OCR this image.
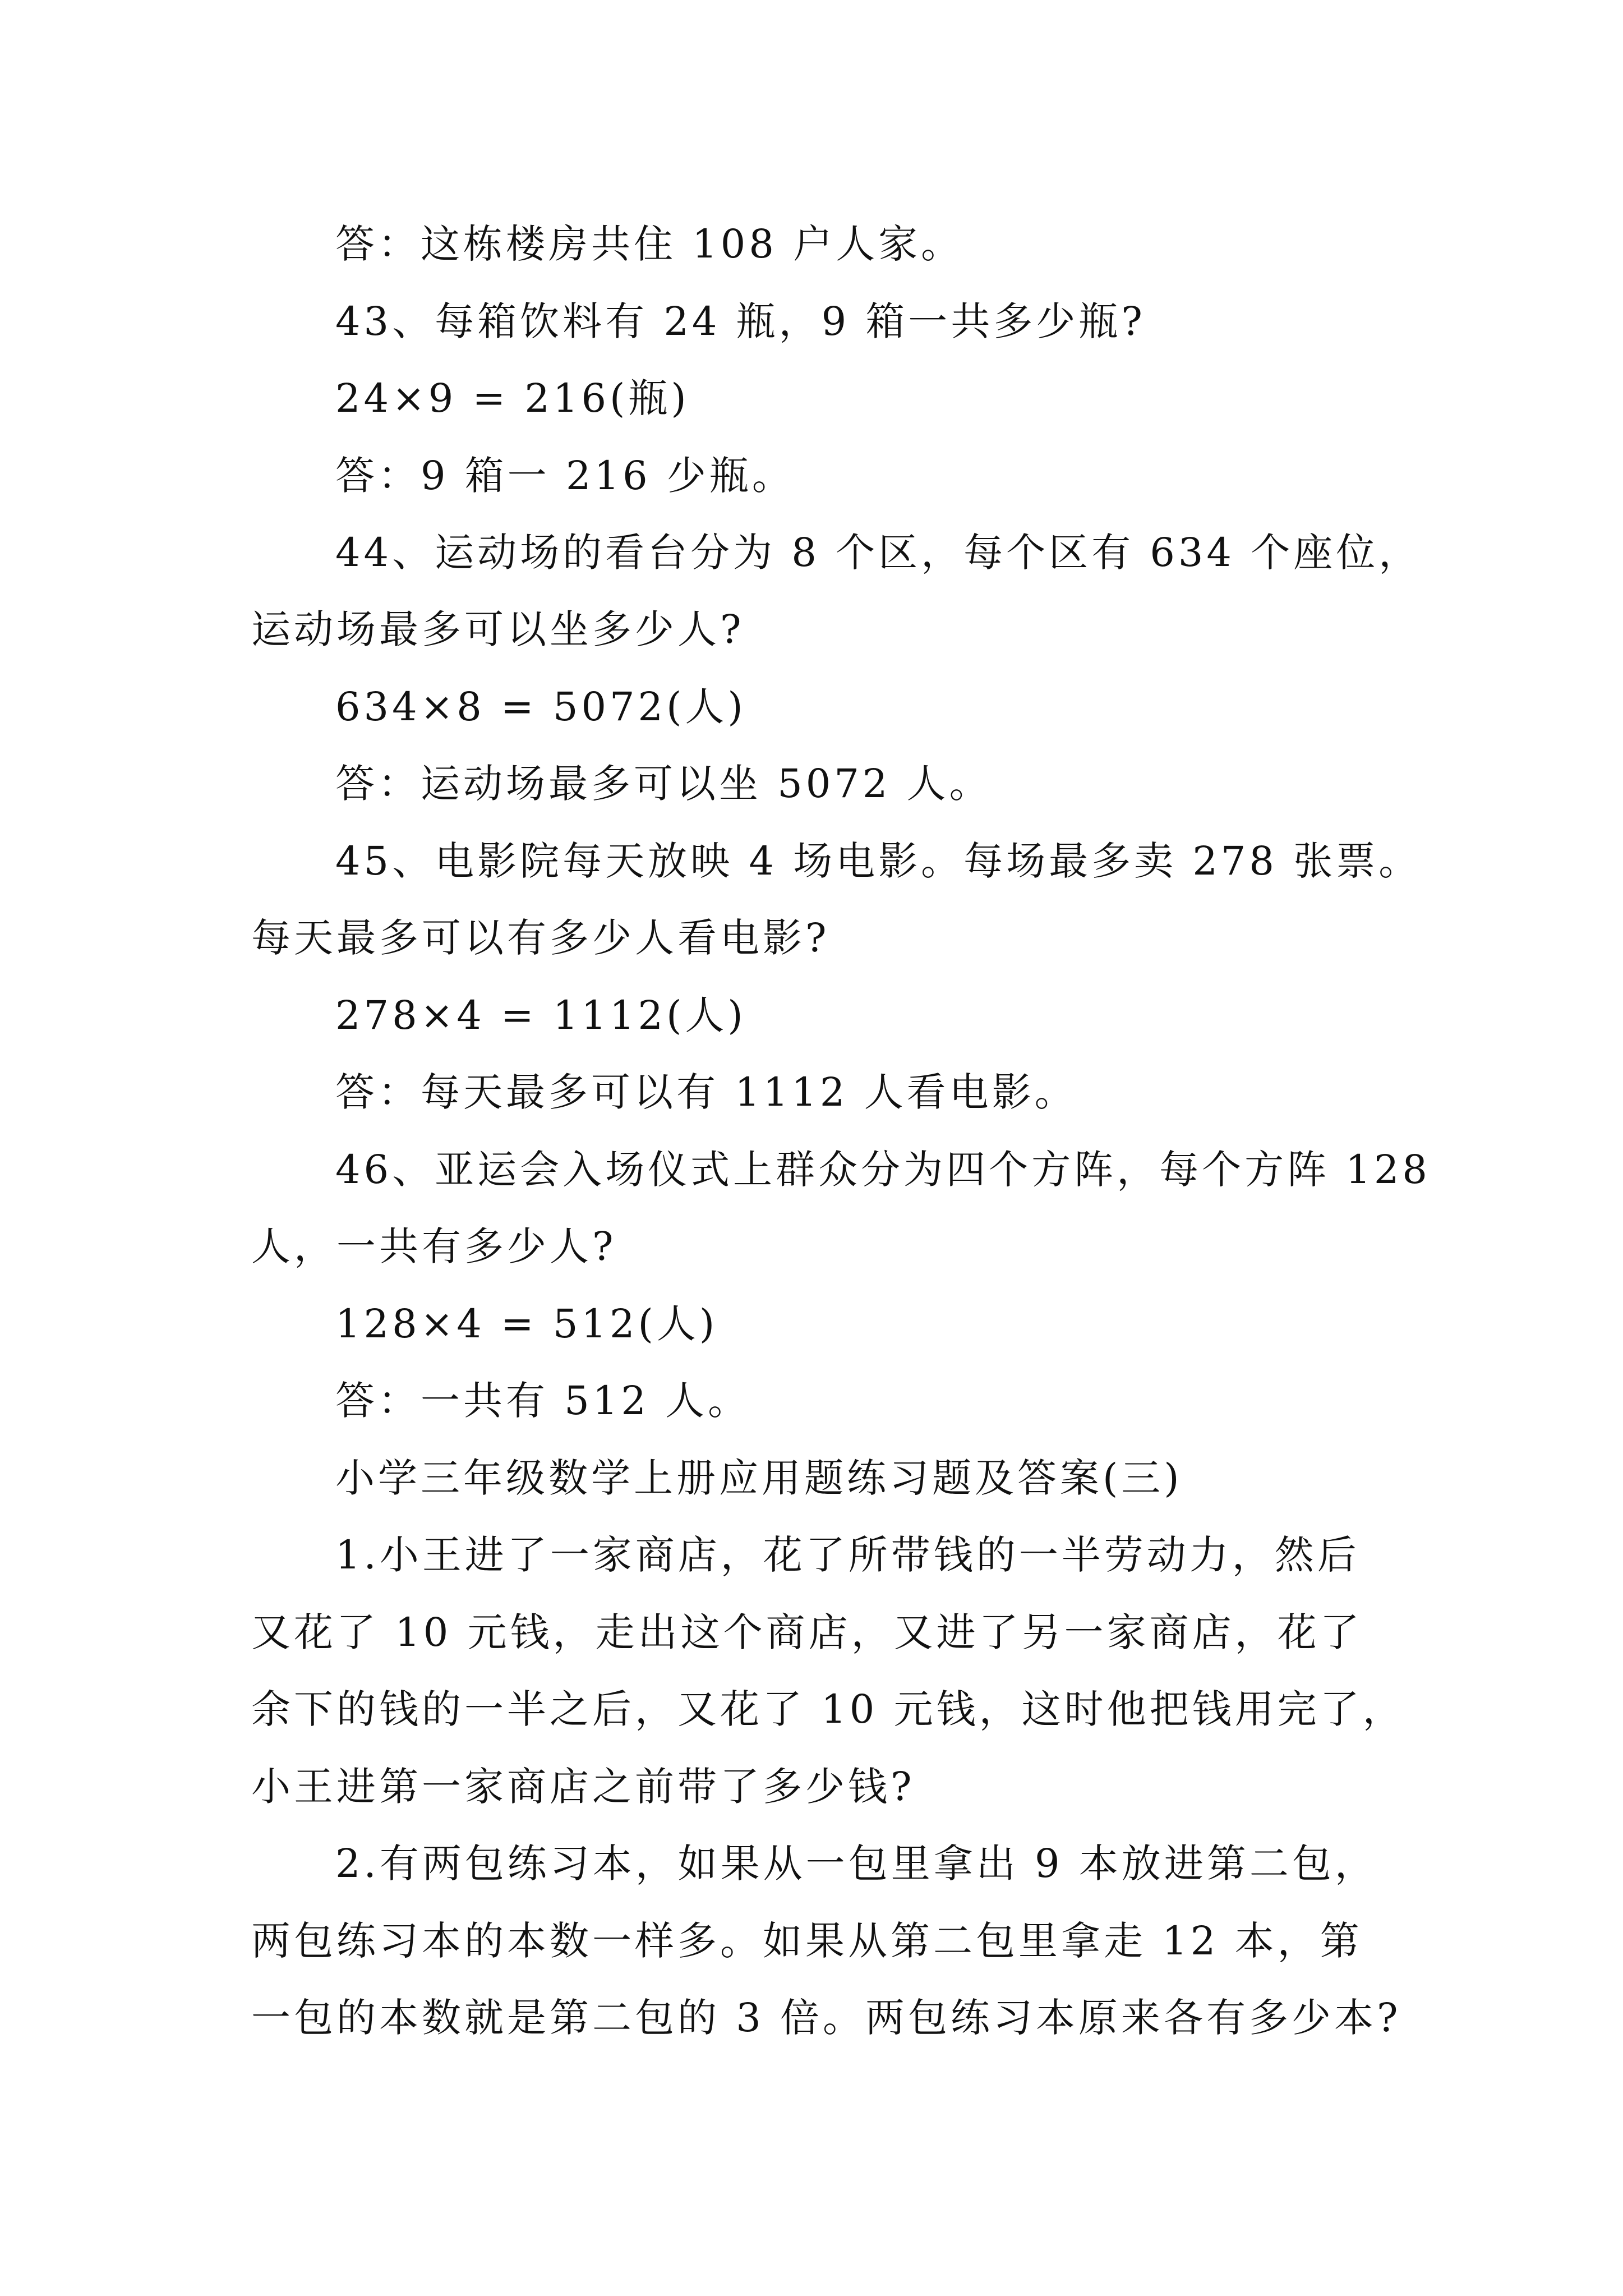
答：这栋楼房共住 108 户人家。
43、每箱饮料有 24 瓶，9 箱一共多少瓶?
24×9 = 216(瓶)
答：9 箱一 216 少瓶。
44、运动场的看台分为 8 个区，每个区有 634 个座位，
运动场最多可以坐多少人?
634×8 = 5072(人)
答：运动场最多可以坐 5072 人。
45、电影院每天放映 4 场电影。每场最多卖 278 张票。
每天最多可以有多少人看电影?
278×4 = 1112(人)
答：每天最多可以有 1112 人看电影。
46、亚运会入场仪式上群众分为四个方阵，每个方阵 128
人，一共有多少人?
128×4 = 512(人)
答：一共有 512 人。
小学三年级数学上册应用题练习题及答案(三)
1.小王进了一家商店，花了所带钱的一半劳动力，然后
又花了 10 元钱，走出这个商店，又进了另一家商店，花了
余下的钱的一半之后，又花了 10 元钱，这时他把钱用完了，
小王进第一家商店之前带了多少钱?
2.有两包练习本，如果从一包里拿出 9 本放进第二包，
两包练习本的本数一样多。如果从第二包里拿走 12 本，第
一包的本数就是第二包的 3 倍。两包练习本原来各有多少本?
